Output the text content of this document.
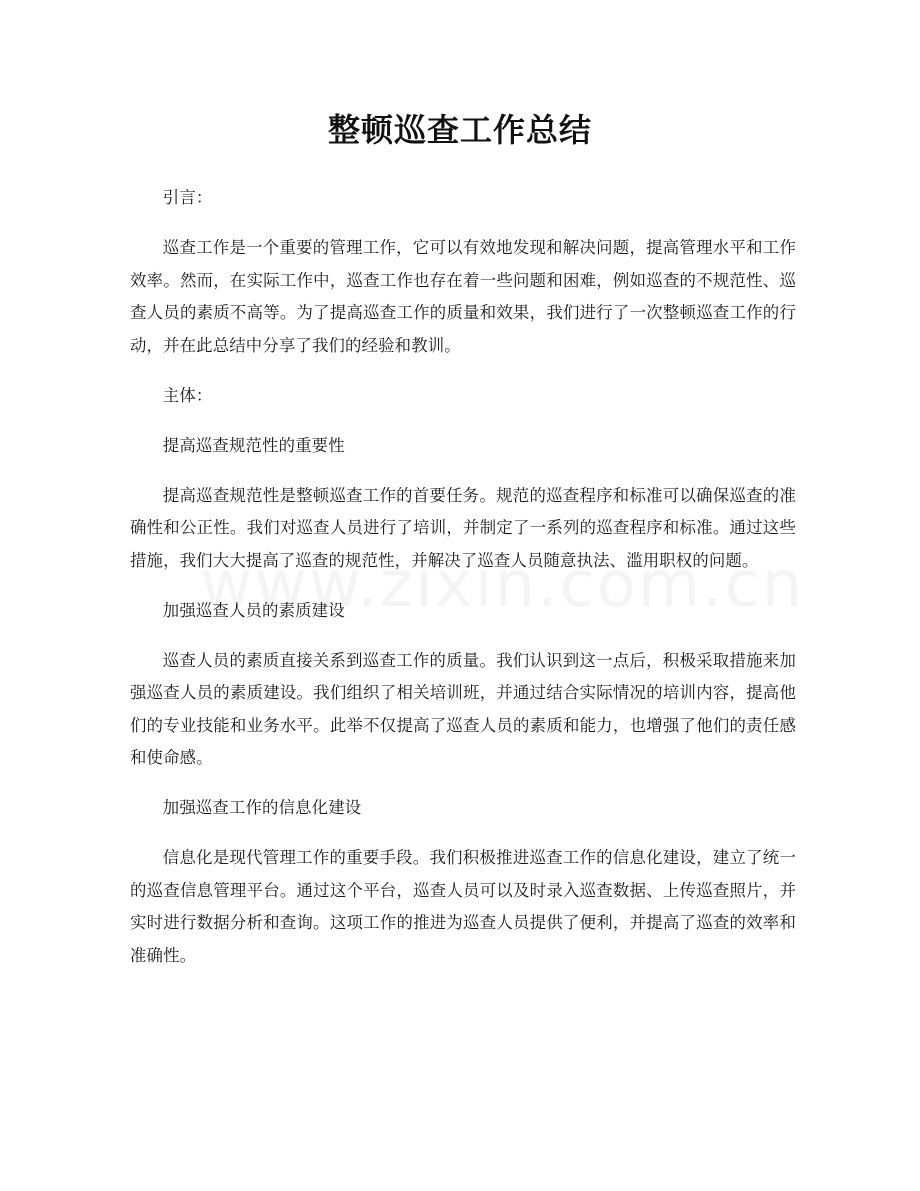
整顿巡查工作总结

引言：

巡查工作是一个重要的管理工作，它可以有效地发现和解决问题，提高管理水平和工作效率。然而，在实际工作中，巡查工作也存在着一些问题和困难，例如巡查的不规范性、巡查人员的素质不高等。为了提高巡查工作的质量和效果，我们进行了一次整顿巡查工作的行动，并在此总结中分享了我们的经验和教训。

主体：

提高巡查规范性的重要性

提高巡查规范性是整顿巡查工作的首要任务。规范的巡查程序和标准可以确保巡查的准确性和公正性。我们对巡查人员进行了培训，并制定了一系列的巡查程序和标准。通过这些措施，我们大大提高了巡查的规范性，并解决了巡查人员随意执法、滥用职权的问题。

加强巡查人员的素质建设

巡查人员的素质直接关系到巡查工作的质量。我们认识到这一点后，积极采取措施来加强巡查人员的素质建设。我们组织了相关培训班，并通过结合实际情况的培训内容，提高他们的专业技能和业务水平。此举不仅提高了巡查人员的素质和能力，也增强了他们的责任感和使命感。

加强巡查工作的信息化建设

信息化是现代管理工作的重要手段。我们积极推进巡查工作的信息化建设，建立了统一的巡查信息管理平台。通过这个平台，巡查人员可以及时录入巡查数据、上传巡查照片，并实时进行数据分析和查询。这项工作的推进为巡查人员提供了便利，并提高了巡查的效率和准确性。
